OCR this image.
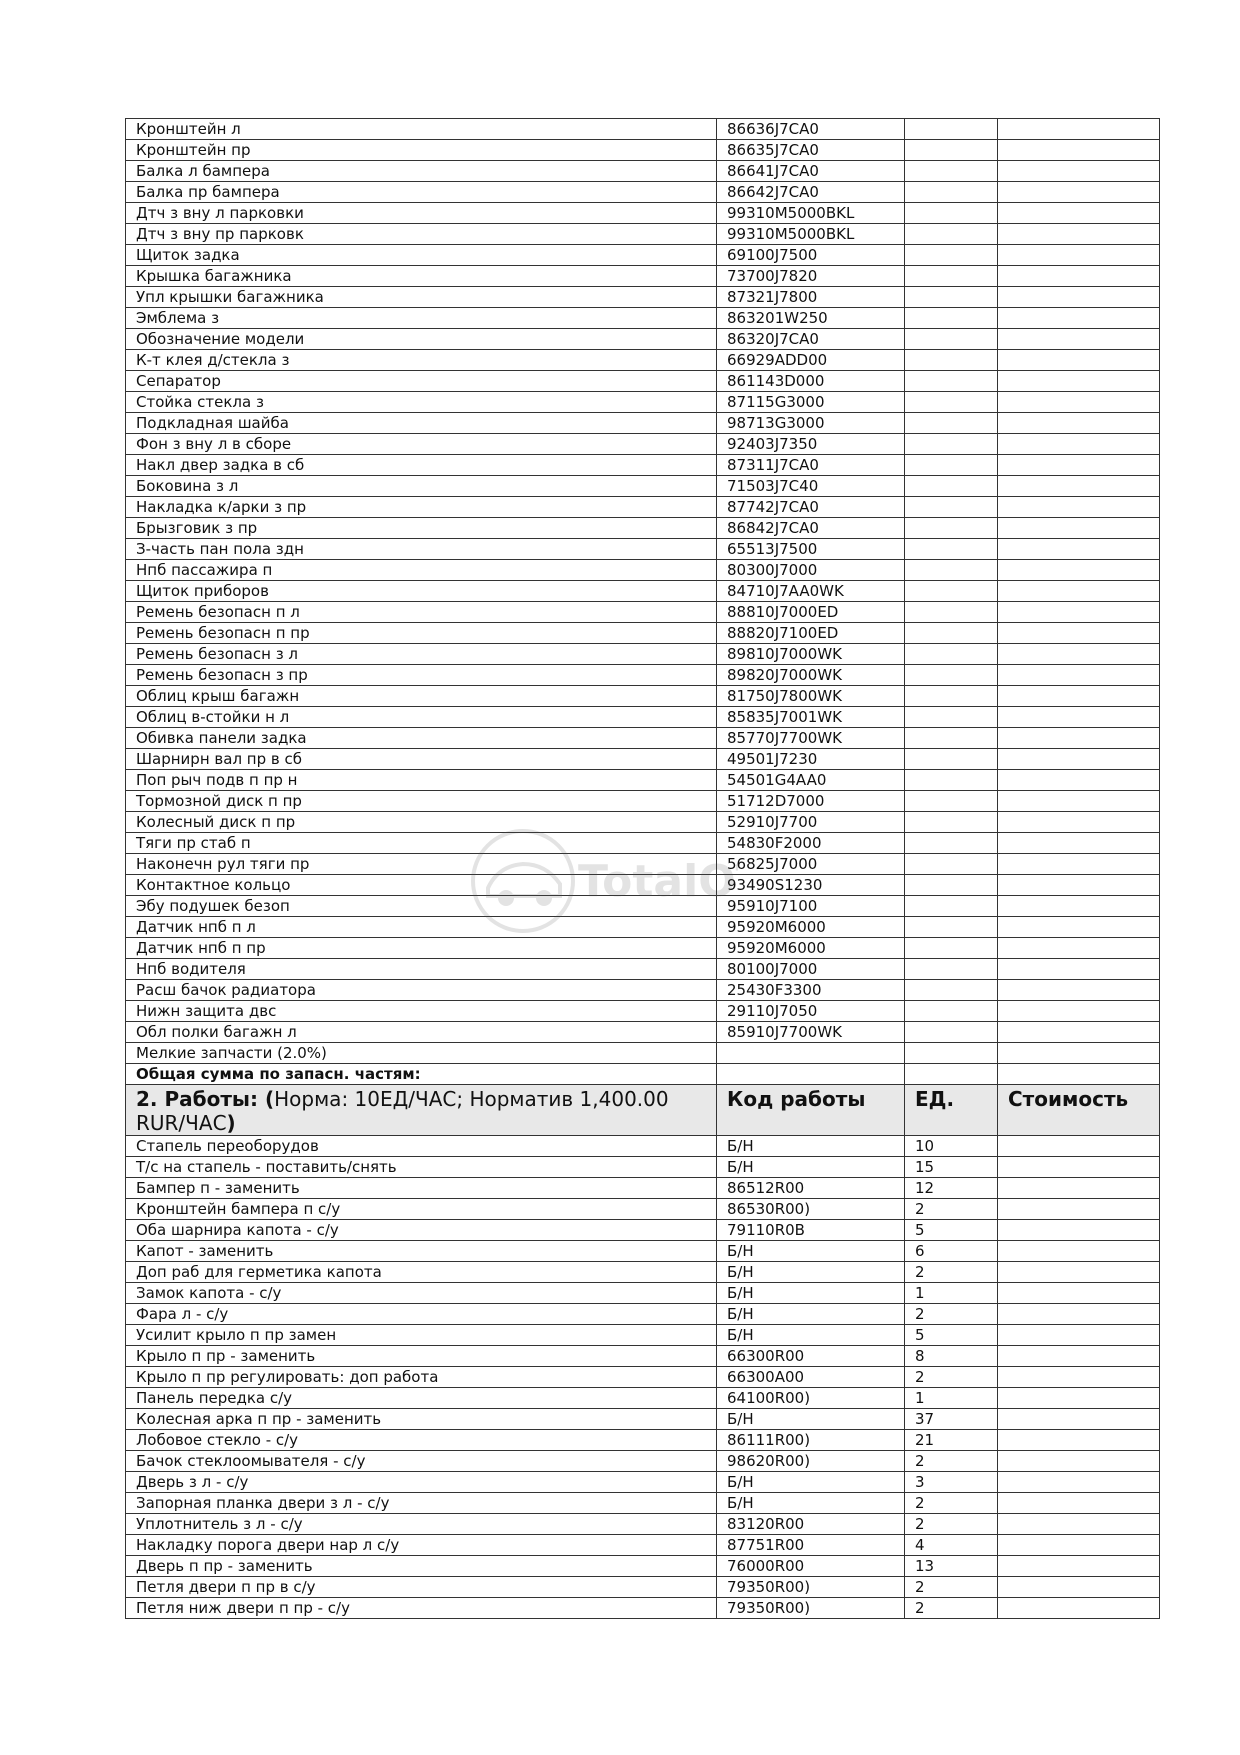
Кронштейн л	86636J7CA0		
Кронштейн пр	86635J7CA0		
Балка л бампера	86641J7CA0		
Балка пр бампера	86642J7CA0		
Дтч з вну л парковки	99310M5000BKL		
Дтч з вну пр парковк	99310M5000BKL		
Щиток задка	69100J7500		
Крышка багажника	73700J7820		
Упл крышки багажника	87321J7800		
Эмблема з	863201W250		
Обозначение модели	86320J7CA0		
К-т клея д/стекла з	66929ADD00		
Сепаратор	861143D000		
Стойка стекла з	87115G3000		
Подкладная шайба	98713G3000		
Фон з вну л в сборе	92403J7350		
Накл двер задка в сб	87311J7CA0		
Боковина з л	71503J7C40		
Накладка к/арки з пр	87742J7CA0		
Брызговик з пр	86842J7CA0		
З-часть пан пола здн	65513J7500		
Нпб пассажира п	80300J7000		
Щиток приборов	84710J7AA0WK		
Ремень безопасн п л	88810J7000ED		
Ремень безопасн п пр	88820J7100ED		
Ремень безопасн з л	89810J7000WK		
Ремень безопасн з пр	89820J7000WK		
Облиц крыш багажн	81750J7800WK		
Облиц в-стойки н л	85835J7001WK		
Обивка панели задка	85770J7700WK		
Шарнирн вал пр в сб	49501J7230		
Поп рыч подв п пр н	54501G4AA0		
Тормозной диск п пр	51712D7000		
Колесный диск п пр	52910J7700		
Тяги пр стаб п	54830F2000		
Наконечн рул тяги пр	56825J7000		
Контактное кольцо	93490S1230		
Эбу подушек безоп	95910J7100		
Датчик нпб п л	95920M6000		
Датчик нпб п пр	95920M6000		
Нпб водителя	80100J7000		
Расш бачок радиатора	25430F3300		
Нижн защита двс	29110J7050		
Обл полки багажн л	85910J7700WK		
Мелкие запчасти (2.0%)			
Общая сумма по запасн. частям:			
2. Работы: (Норма: 10ЕД/ЧАС; Норматив 1,400.00 RUR/ЧАС)	Код работы	ЕД.	Стоимость
Стапель переоборудов	Б/Н	10	
Т/с на стапель - поставить/снять	Б/Н	15	
Бампер п - заменить	86512R00	12	
Кронштейн бампера п с/у	86530R00)	2	
Оба шарнира капота - с/у	79110R0B	5	
Капот - заменить	Б/Н	6	
Доп раб для герметика капота	Б/Н	2	
Замок капота - с/у	Б/Н	1	
Фара л - с/у	Б/Н	2	
Усилит крыло п пр замен	Б/Н	5	
Крыло п пр - заменить	66300R00	8	
Крыло п пр регулировать: доп работа	66300A00	2	
Панель передка с/у	64100R00)	1	
Колесная арка п пр - заменить	Б/Н	37	
Лобовое стекло - с/у	86111R00)	21	
Бачок стеклоомывателя - с/у	98620R00)	2	
Дверь з л - с/у	Б/Н	3	
Запорная планка двери з л - с/у	Б/Н	2	
Уплотнитель з л - с/у	83120R00	2	
Накладку порога двери нар л с/у	87751R00	4	
Дверь п пр - заменить	76000R00	13	
Петля двери п пр в с/у	79350R00)	2	
Петля ниж двери п пр - с/у	79350R00)	2	
TotalO
